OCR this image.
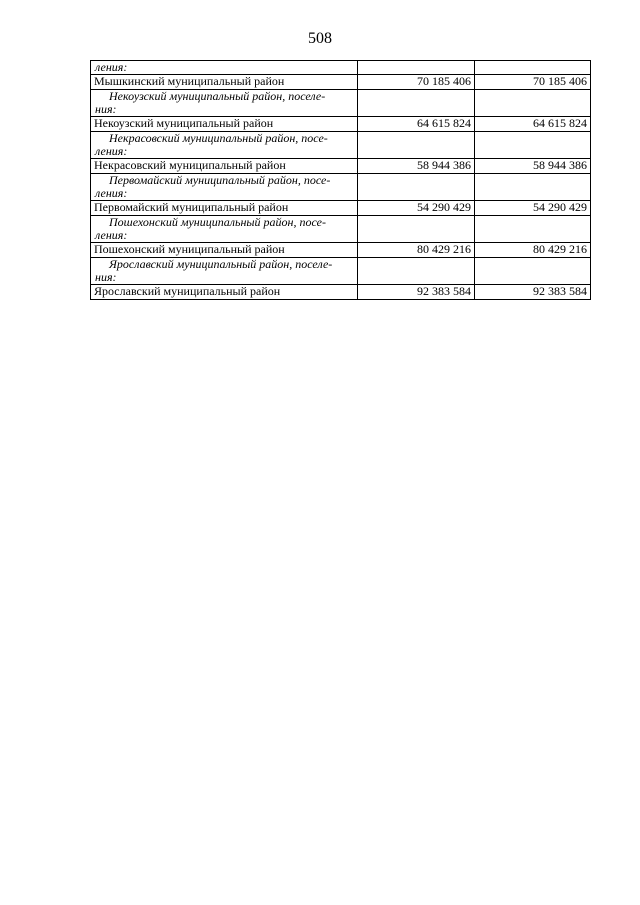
508
ления:		
Мышкинский муниципальный район	70 185 406	70 185 406
Некоузский муниципальный район, поселе-
ния:		
Некоузский муниципальный район	64 615 824	64 615 824
Некрасовский муниципальный район, посе-
ления:		
Некрасовский муниципальный район	58 944 386	58 944 386
Первомайский муниципальный район, посе-
ления:		
Первомайский муниципальный район	54 290 429	54 290 429
Пошехонский муниципальный район, посе-
ления:		
Пошехонский муниципальный район	80 429 216	80 429 216
Ярославский муниципальный район, поселе-
ния:		
Ярославский муниципальный район	92 383 584	92 383 584
